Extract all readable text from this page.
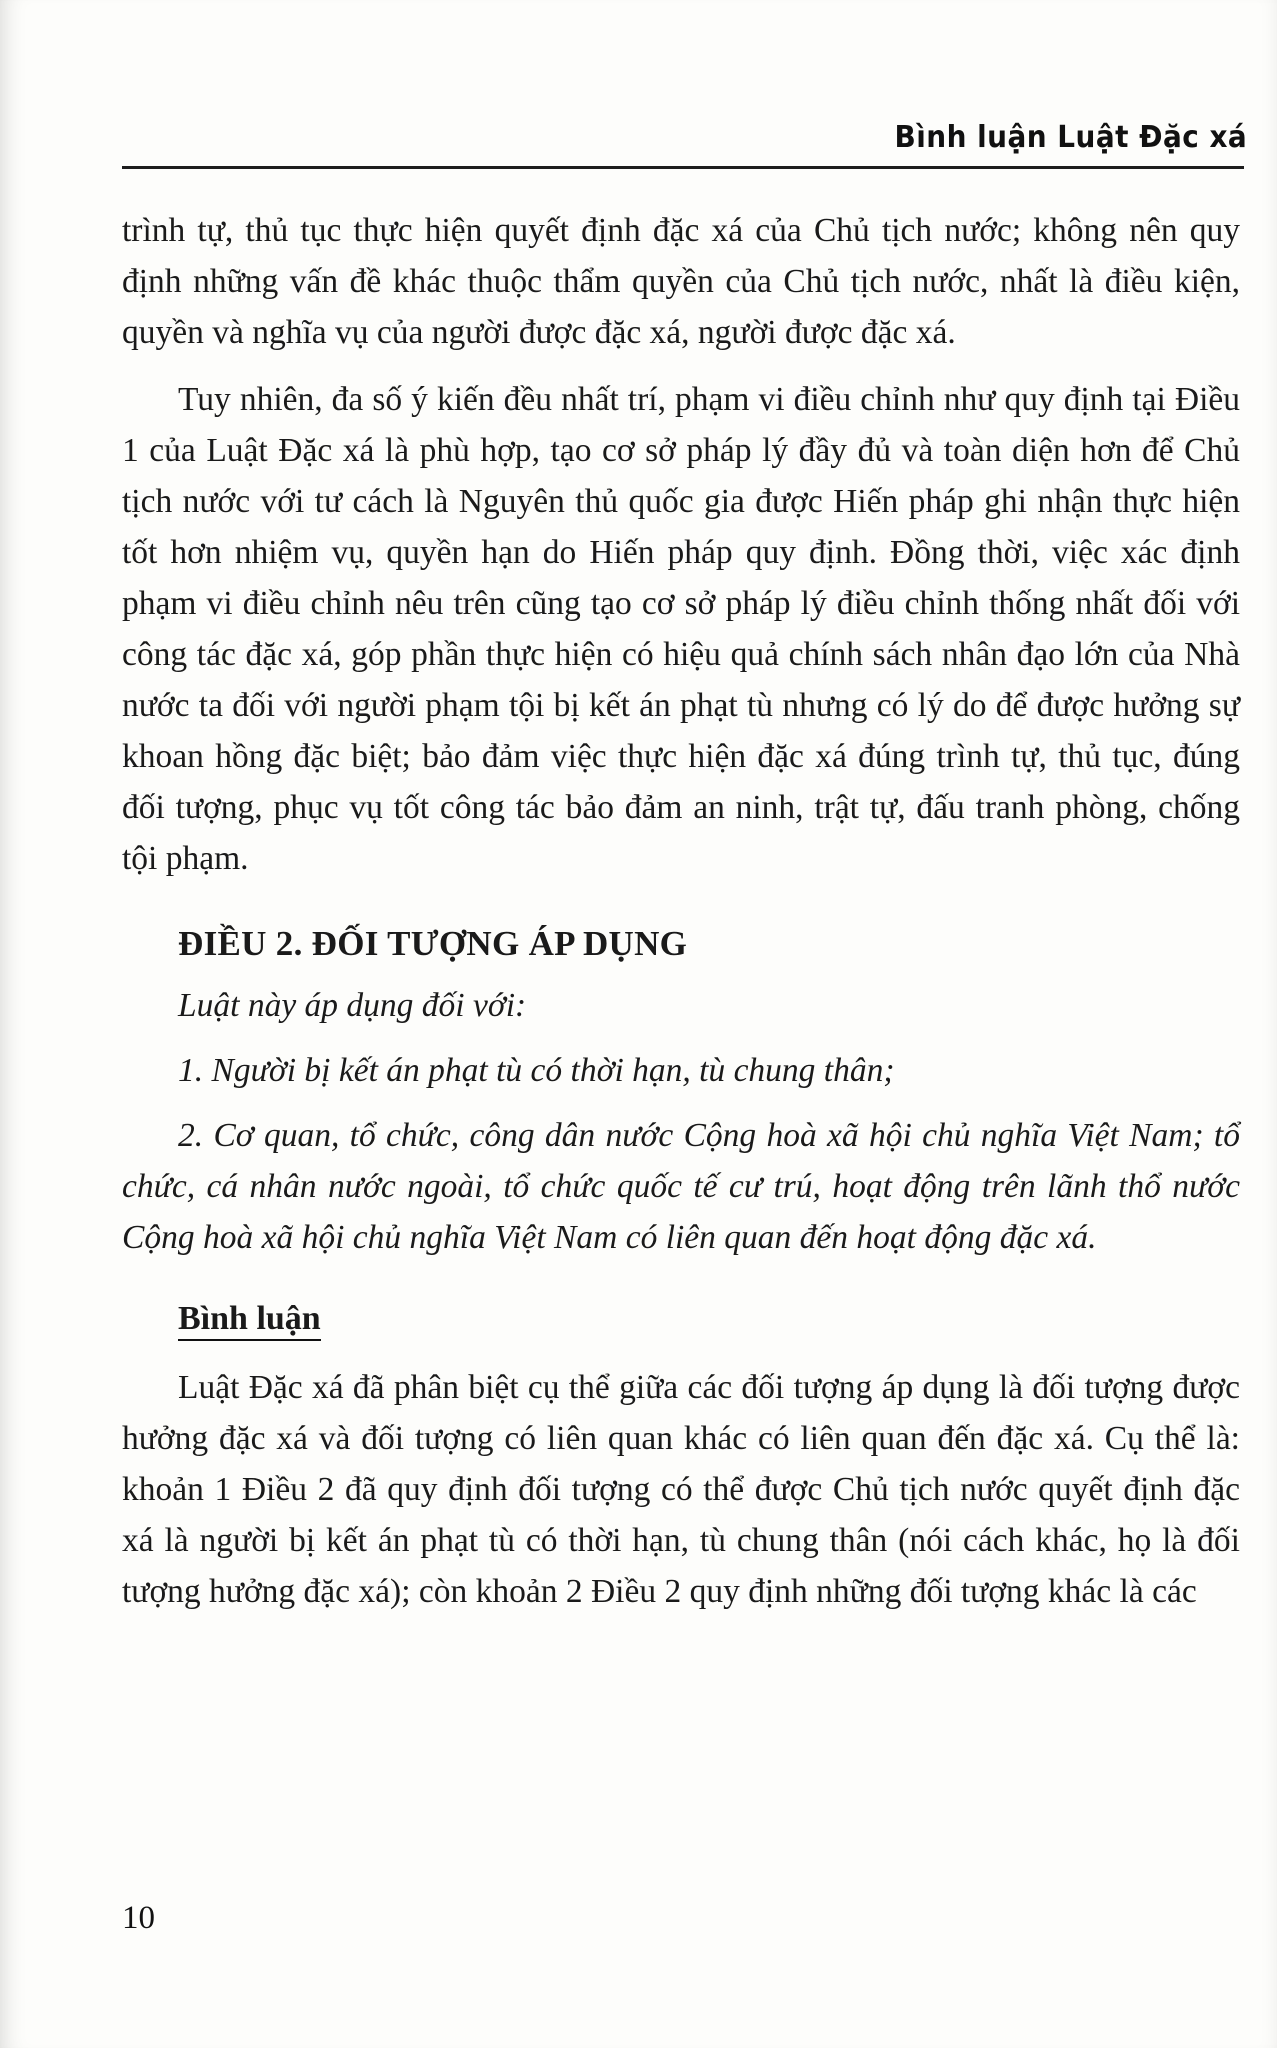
Bình luận Luật Đặc xá

trình tự, thủ tục thực hiện quyết định đặc xá của Chủ tịch nước; không nên quy định những vấn đề khác thuộc thẩm quyền của Chủ tịch nước, nhất là điều kiện, quyền và nghĩa vụ của người được đặc xá, người được đặc xá.

Tuy nhiên, đa số ý kiến đều nhất trí, phạm vi điều chỉnh như quy định tại Điều 1 của Luật Đặc xá là phù hợp, tạo cơ sở pháp lý đầy đủ và toàn diện hơn để Chủ tịch nước với tư cách là Nguyên thủ quốc gia được Hiến pháp ghi nhận thực hiện tốt hơn nhiệm vụ, quyền hạn do Hiến pháp quy định. Đồng thời, việc xác định phạm vi điều chỉnh nêu trên cũng tạo cơ sở pháp lý điều chỉnh thống nhất đối với công tác đặc xá, góp phần thực hiện có hiệu quả chính sách nhân đạo lớn của Nhà nước ta đối với người phạm tội bị kết án phạt tù nhưng có lý do để được hưởng sự khoan hồng đặc biệt; bảo đảm việc thực hiện đặc xá đúng trình tự, thủ tục, đúng đối tượng, phục vụ tốt công tác bảo đảm an ninh, trật tự, đấu tranh phòng, chống tội phạm.

ĐIỀU 2. ĐỐI TƯỢNG ÁP DỤNG

Luật này áp dụng đối với:

1. Người bị kết án phạt tù có thời hạn, tù chung thân;

2. Cơ quan, tổ chức, công dân nước Cộng hoà xã hội chủ nghĩa Việt Nam; tổ chức, cá nhân nước ngoài, tổ chức quốc tế cư trú, hoạt động trên lãnh thổ nước Cộng hoà xã hội chủ nghĩa Việt Nam có liên quan đến hoạt động đặc xá.

Bình luận

Luật Đặc xá đã phân biệt cụ thể giữa các đối tượng áp dụng là đối tượng được hưởng đặc xá và đối tượng có liên quan khác có liên quan đến đặc xá. Cụ thể là: khoản 1 Điều 2 đã quy định đối tượng có thể được Chủ tịch nước quyết định đặc xá là người bị kết án phạt tù có thời hạn, tù chung thân (nói cách khác, họ là đối tượng hưởng đặc xá); còn khoản 2 Điều 2 quy định những đối tượng khác là các

10
